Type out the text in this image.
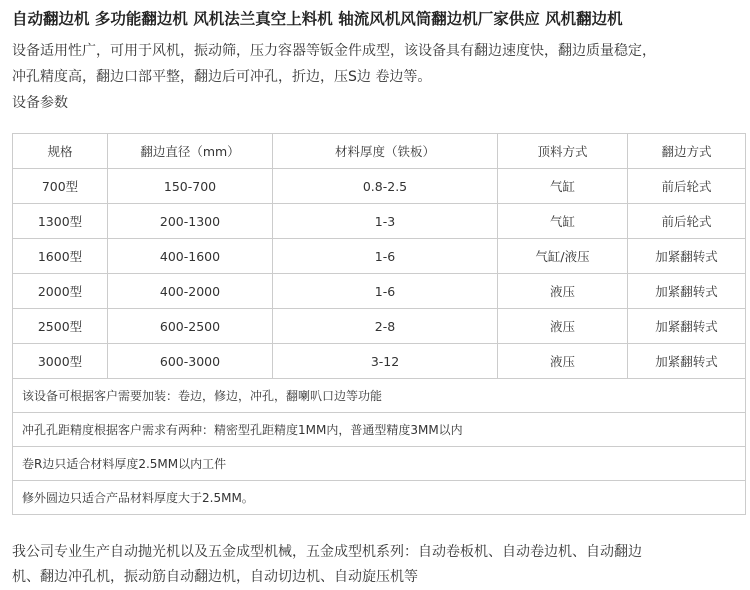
自动翻边机 多功能翻边机 风机法兰真空上料机 轴流风机风筒翻边机厂家供应 风机翻边机

设备适用性广，可用于风机，振动筛，压力容器等钣金件成型，该设备具有翻边速度快，翻边质量稳定，

冲孔精度高，翻边口部平整，翻边后可冲孔，折边，压S边 卷边等。

设备参数

规格	翻边直径（mm）	材料厚度（铁板）	顶料方式	翻边方式
700型	150-700	0.8-2.5	气缸	前后轮式
1300型	200-1300	1-3	气缸	前后轮式
1600型	400-1600	1-6	气缸/液压	加紧翻转式
2000型	400-2000	1-6	液压	加紧翻转式
2500型	600-2500	2-8	液压	加紧翻转式
3000型	600-3000	3-12	液压	加紧翻转式
该设备可根据客户需要加装：卷边，修边，冲孔，翻喇叭口边等功能				
冲孔孔距精度根据客户需求有两种：精密型孔距精度1MM内，普通型精度3MM以内				
卷R边只适合材料厚度2.5MM以内工件				
修外圆边只适合产品材料厚度大于2.5MM。				

我公司专业生产自动抛光机以及五金成型机械，五金成型机系列：自动卷板机、自动卷边机、自动翻边

机、翻边冲孔机，振动筋自动翻边机，自动切边机、自动旋压机等
